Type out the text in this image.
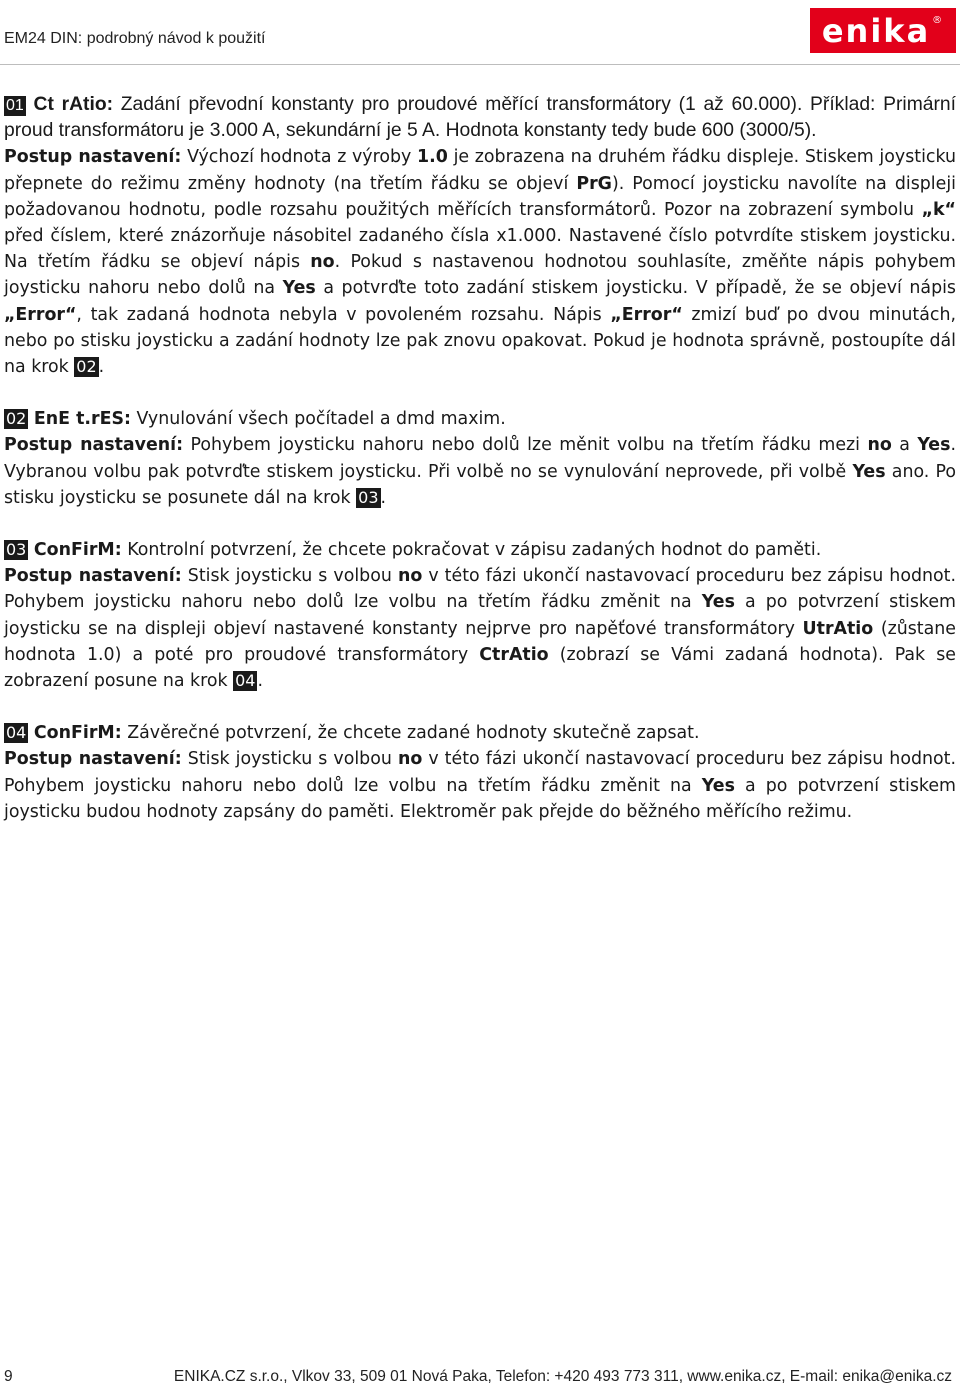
EM24 DIN: podrobný návod k použití	enika®

01 Ct rAtio: Zadání převodní konstanty pro proudové měřící transformátory (1 až 60.000). Příklad: Primární proud transformátoru je 3.000 A, sekundární je 5 A. Hodnota konstanty tedy bude 600 (3000/5).

Postup nastavení: Výchozí hodnota z výroby 1.0 je zobrazena na druhém řádku displeje. Stiskem joysticku přepnete do režimu změny hodnoty (na třetím řádku se objeví PrG). Pomocí joysticku navolíte na displeji požadovanou hodnotu, podle rozsahu použitých měřících transformátorů. Pozor na zobrazení symbolu „k“ před číslem, které znázorňuje násobitel zadaného čísla x1.000. Nastavené číslo potvrdíte stiskem joysticku. Na třetím řádku se objeví nápis no. Pokud s nastavenou hodnotou souhlasíte, změňte nápis pohybem joysticku nahoru nebo dolů na Yes a potvrďte toto zadání stiskem joysticku. V případě, že se objeví nápis „Error“, tak zadaná hodnota nebyla v povoleném rozsahu. Nápis „Error“ zmizí buď po dvou minutách, nebo po stisku joysticku a zadání hodnoty lze pak znovu opakovat. Pokud je hodnota správně, postoupíte dál na krok 02 .

02 EnE t.rES: Vynulování všech počítadel a dmd maxim.

Postup nastavení: Pohybem joysticku nahoru nebo dolů lze měnit volbu na třetím řádku mezi no a Yes. Vybranou volbu pak potvrďte stiskem joysticku. Při volbě no se vynulování neprovede, při volbě Yes ano. Po stisku joysticku se posunete dál na krok 03 .

03 ConFirM: Kontrolní potvrzení, že chcete pokračovat v zápisu zadaných hodnot do paměti.

Postup nastavení: Stisk joysticku s volbou no v této fázi ukončí nastavovací proceduru bez zápisu hodnot. Pohybem joysticku nahoru nebo dolů lze volbu na třetím řádku změnit na Yes a po potvrzení stiskem joysticku se na displeji objeví nastavené konstanty nejprve pro napěťové transformátory UtrAtio (zůstane hodnota 1.0) a poté pro proudové transformátory CtrAtio (zobrazí se Vámi zadaná hodnota). Pak se zobrazení posune na krok 04 .

04 ConFirM: Závěrečné potvrzení, že chcete zadané hodnoty skutečně zapsat.

Postup nastavení: Stisk joysticku s volbou no v této fázi ukončí nastavovací proceduru bez zápisu hodnot. Pohybem joysticku nahoru nebo dolů lze volbu na třetím řádku změnit na Yes a po potvrzení stiskem joysticku budou hodnoty zapsány do paměti. Elektroměr pak přejde do běžného měřícího režimu.

9	ENIKA.CZ s.r.o., Vlkov 33, 509 01 Nová Paka, Telefon: +420 493 773 311, www.enika.cz, E-mail: enika@enika.cz
